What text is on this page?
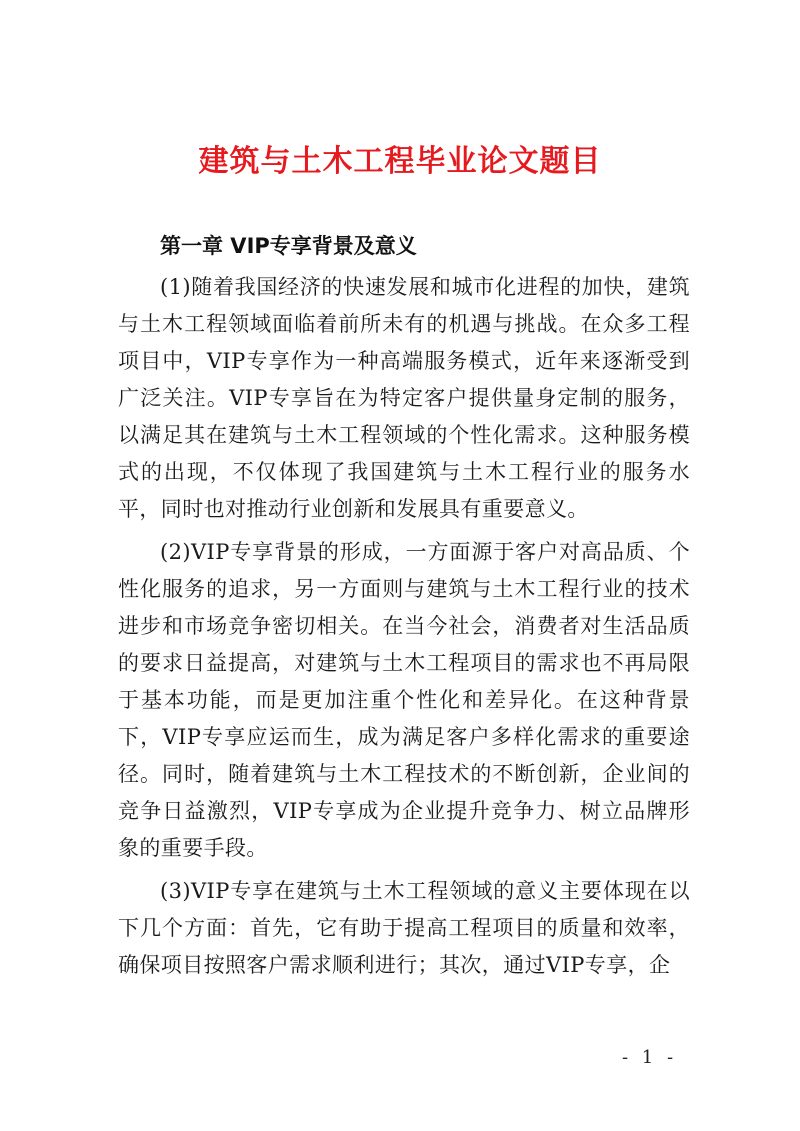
建筑与土木工程毕业论文题目
第一章 VIP专享背景及意义

(1)随着我国经济的快速发展和城市化进程的加快，建筑与土木工程领域面临着前所未有的机遇与挑战。在众多工程项目中，VIP专享作为一种高端服务模式，近年来逐渐受到广泛关注。VIP专享旨在为特定客户提供量身定制的服务，以满足其在建筑与土木工程领域的个性化需求。这种服务模式的出现，不仅体现了我国建筑与土木工程行业的服务水平，同时也对推动行业创新和发展具有重要意义。

(2)VIP专享背景的形成，一方面源于客户对高品质、个性化服务的追求，另一方面则与建筑与土木工程行业的技术进步和市场竞争密切相关。在当今社会，消费者对生活品质的要求日益提高，对建筑与土木工程项目的需求也不再局限于基本功能，而是更加注重个性化和差异化。在这种背景下，VIP专享应运而生，成为满足客户多样化需求的重要途径。同时，随着建筑与土木工程技术的不断创新，企业间的竞争日益激烈，VIP专享成为企业提升竞争力、树立品牌形象的重要手段。

(3)VIP专享在建筑与土木工程领域的意义主要体现在以下几个方面：首先，它有助于提高工程项目的质量和效率，确保项目按照客户需求顺利进行；其次，通过VIP专享，企

- 1 -
